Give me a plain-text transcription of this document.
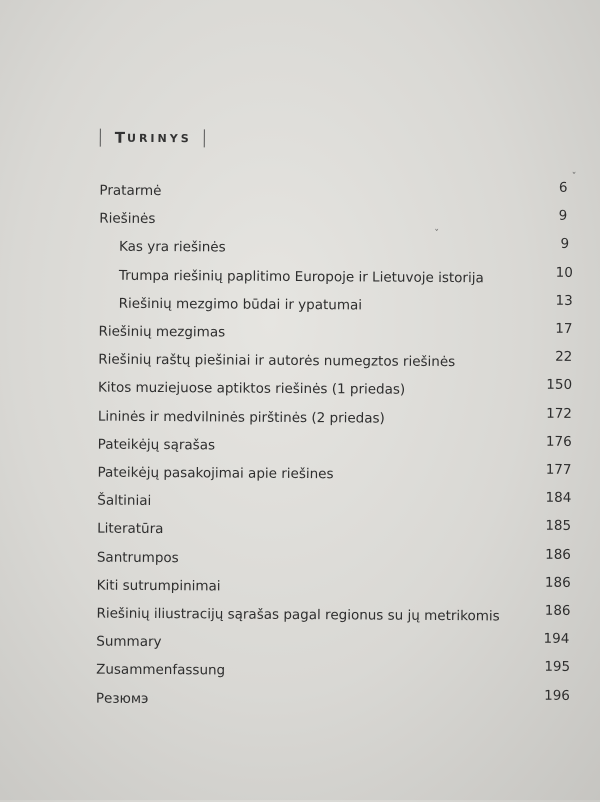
T URINYS
Pratarmė	6
Riešinės	9
Kas yra riešinės	9
Trumpa riešinių paplitimo Europoje ir Lietuvoje istorija	10
Riešinių mezgimo būdai ir ypatumai	13
Riešinių mezgimas	17
Riešinių raštų piešiniai ir autorės numegztos riešinės	22
Kitos muziejuose aptiktos riešinės (1 priedas)	150
Lininės ir medvilninės pirštinės (2 priedas)	172
Pateikėjų sąrašas	176
Pateikėjų pasakojimai apie riešines	177
Šaltiniai	184
Literatūra	185
Santrumpos	186
Kiti sutrumpinimai	186
Riešinių iliustracijų sąrašas pagal regionus su jų metrikomis	186
Summary	194
Zusammenfassung	195
Резюмэ	196
ˇ
ˇ
